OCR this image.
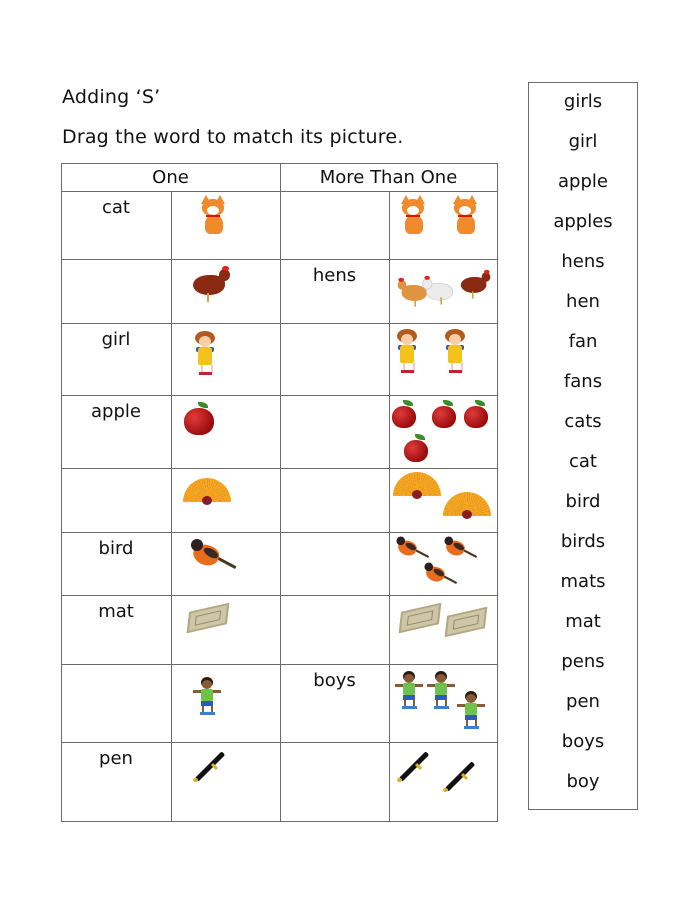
Adding ‘S’
Drag the word to match its picture.
One	More Than One
cat
hens
girl
apple
bird
mat
boys
pen
girls
girl
apple
apples
hens
hen
fan
fans
cats
cat
bird
birds
mats
mat
pens
pen
boys
boy
